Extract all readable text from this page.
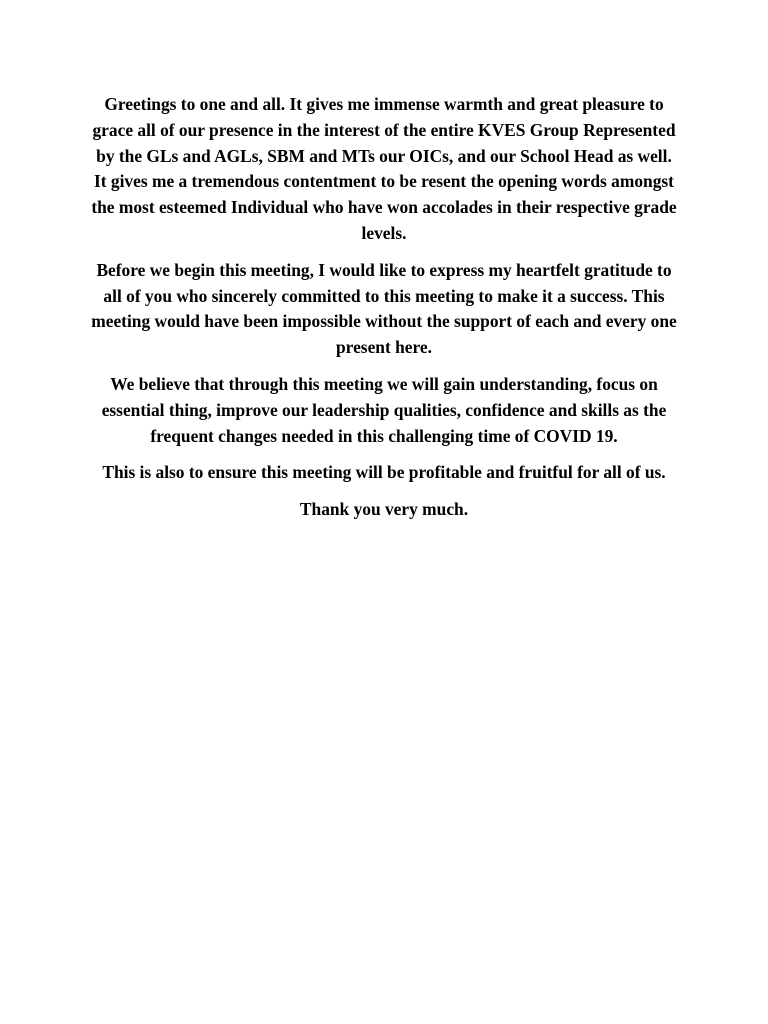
Greetings to one and all. It gives me immense warmth and great pleasure to grace all of our presence in the interest of the entire KVES Group Represented by the GLs and AGLs, SBM and MTs our OICs, and our School Head as well. It gives me a tremendous contentment to be resent the opening words amongst the most esteemed Individual who have won accolades in their respective grade levels.

Before we begin this meeting, I would like to express my heartfelt gratitude to all of you who sincerely committed to this meeting to make it a success. This meeting would have been impossible without the support of each and every one present here.

We believe that through this meeting we will gain understanding, focus on essential thing, improve our leadership qualities, confidence and skills as the frequent changes needed in this challenging time of COVID 19.

This is also to ensure this meeting will be profitable and fruitful for all of us.

Thank you very much.
